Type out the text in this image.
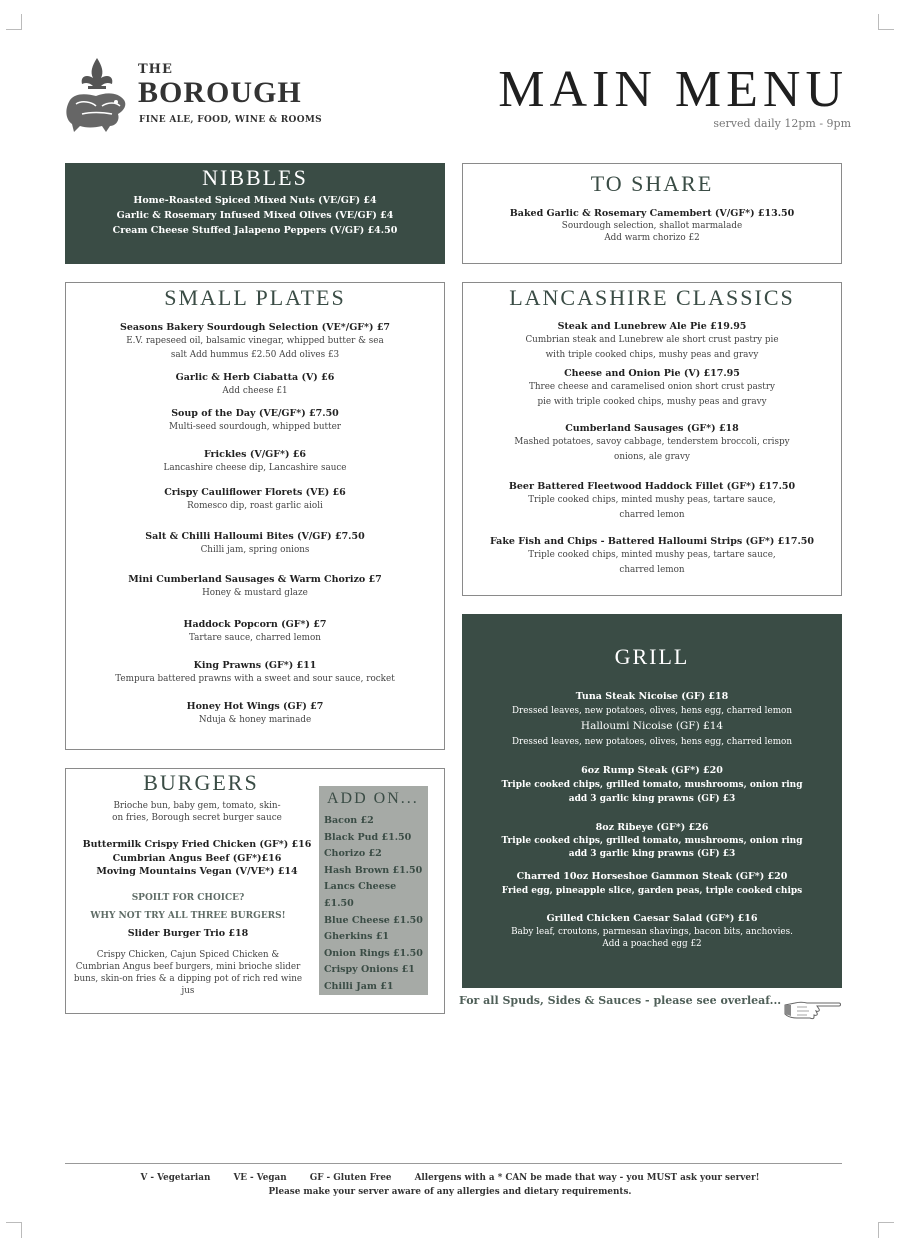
THE
BOROUGH
FINE ALE, FOOD, WINE & ROOMS
MAIN MENU
served daily 12pm - 9pm
NIBBLES
Home-Roasted Spiced Mixed Nuts (VE/GF) £4
Garlic & Rosemary Infused Mixed Olives (VE/GF) £4
Cream Cheese Stuffed Jalapeno Peppers (V/GF) £4.50
TO SHARE
Baked Garlic & Rosemary Camembert (V/GF*) £13.50
Sourdough selection, shallot marmalade
Add warm chorizo £2
SMALL PLATES
Seasons Bakery Sourdough Selection (VE*/GF*) £7
E.V. rapeseed oil, balsamic vinegar, whipped butter & sea
salt Add hummus £2.50 Add olives £3
Garlic & Herb Ciabatta (V) £6
Add cheese £1
Soup of the Day (VE/GF*) £7.50
Multi-seed sourdough, whipped butter
Frickles (V/GF*) £6
Lancashire cheese dip, Lancashire sauce
Crispy Cauliflower Florets (VE) £6
Romesco dip, roast garlic aioli
Salt & Chilli Halloumi Bites (V/GF) £7.50
Chilli jam, spring onions
Mini Cumberland Sausages & Warm Chorizo £7
Honey & mustard glaze
Haddock Popcorn (GF*) £7
Tartare sauce, charred lemon
King Prawns (GF*) £11
Tempura battered prawns with a sweet and sour sauce, rocket
Honey Hot Wings (GF) £7
Nduja & honey marinade
LANCASHIRE CLASSICS
Steak and Lunebrew Ale Pie £19.95
Cumbrian steak and Lunebrew ale short crust pastry pie
with triple cooked chips, mushy peas and gravy
Cheese and Onion Pie (V) £17.95
Three cheese and caramelised onion short crust pastry
pie with triple cooked chips, mushy peas and gravy
Cumberland Sausages (GF*) £18
Mashed potatoes, savoy cabbage, tenderstem broccoli, crispy
onions, ale gravy
Beer Battered Fleetwood Haddock Fillet (GF*) £17.50
Triple cooked chips, minted mushy peas, tartare sauce,
charred lemon
Fake Fish and Chips - Battered Halloumi Strips (GF*) £17.50
Triple cooked chips, minted mushy peas, tartare sauce,
charred lemon
GRILL
Tuna Steak Nicoise (GF) £18
Dressed leaves, new potatoes, olives, hens egg, charred lemon
Halloumi Nicoise (GF) £14
Dressed leaves, new potatoes, olives, hens egg, charred lemon
6oz Rump Steak (GF*) £20
Triple cooked chips, grilled tomato, mushrooms, onion ring
add 3 garlic king prawns (GF) £3
8oz Ribeye (GF*) £26
Triple cooked chips, grilled tomato, mushrooms, onion ring
add 3 garlic king prawns (GF) £3
Charred 10oz Horseshoe Gammon Steak (GF*) £20
Fried egg, pineapple slice, garden peas, triple cooked chips
Grilled Chicken Caesar Salad (GF*) £16
Baby leaf, croutons, parmesan shavings, bacon bits, anchovies.
Add a poached egg £2
BURGERS
Brioche bun, baby gem, tomato, skin-
on fries, Borough secret burger sauce
Buttermilk Crispy Fried Chicken (GF*) £16
Cumbrian Angus Beef (GF*)£16
Moving Mountains Vegan (V/VE*) £14
SPOILT FOR CHOICE?
WHY NOT TRY ALL THREE BURGERS!
Slider Burger Trio £18
Crispy Chicken, Cajun Spiced Chicken &
Cumbrian Angus beef burgers, mini brioche slider
buns, skin-on fries & a dipping pot of rich red wine
jus
ADD ON...
Bacon £2
Black Pud £1.50
Chorizo £2
Hash Brown £1.50
Lancs Cheese £1.50
Blue Cheese £1.50
Gherkins £1
Onion Rings £1.50
Crispy Onions £1
Chilli Jam £1
For all Spuds, Sides & Sauces - please see overleaf...
V - Vegetarian	VE - Vegan	GF - Gluten Free	Allergens with a * CAN be made that way - you MUST ask your server!
Please make your server aware of any allergies and dietary requirements.
